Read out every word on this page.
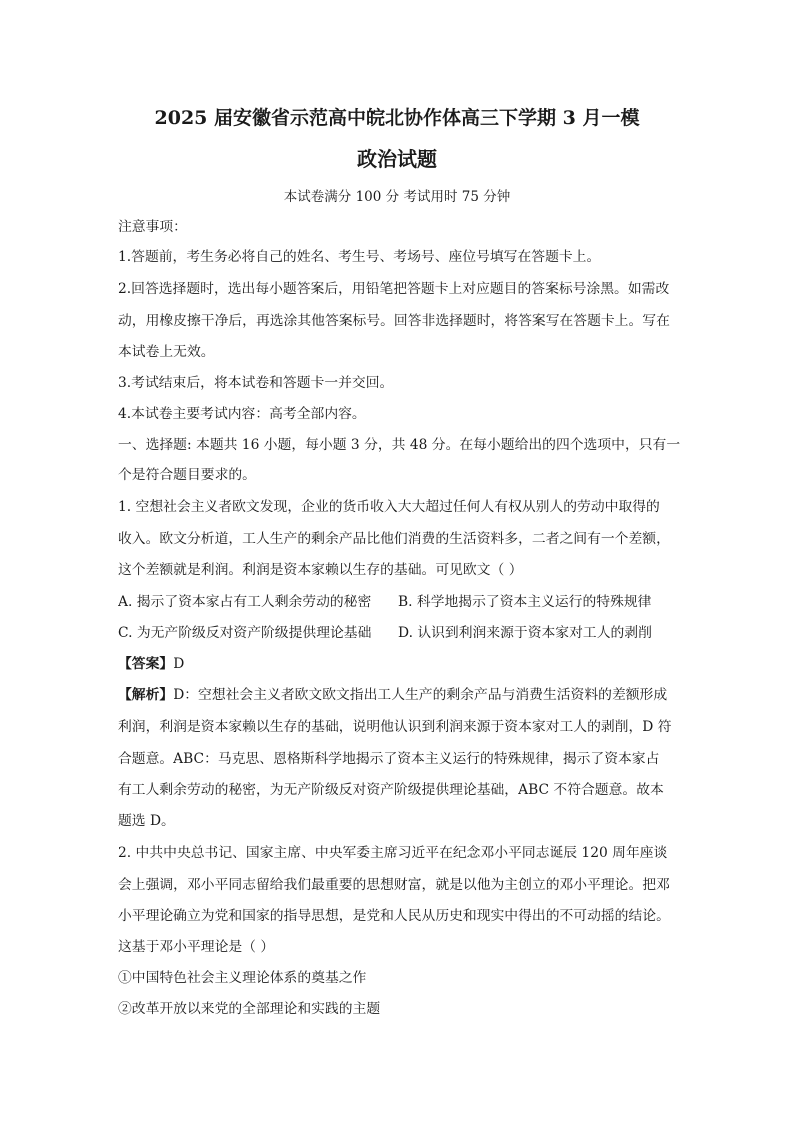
2025 届安徽省示范高中皖北协作体高三下学期 3 月一模
政治试题
本试卷满分 100 分 考试用时 75 分钟
注意事项：
1.答题前，考生务必将自己的姓名、考生号、考场号、座位号填写在答题卡上。
2.回答选择题时，选出每小题答案后，用铅笔把答题卡上对应题目的答案标号涂黑。如需改
动，用橡皮擦干净后，再选涂其他答案标号。回答非选择题时，将答案写在答题卡上。写在
本试卷上无效。
3.考试结束后，将本试卷和答题卡一并交回。
4.本试卷主要考试内容：高考全部内容。
一、选择题: 本题共 16 小题，每小题 3 分，共 48 分。在每小题给出的四个选项中，只有一
个是符合题目要求的。
1. 空想社会主义者欧文发现，企业的货币收入大大超过任何人有权从别人的劳动中取得的
收入。欧文分析道，工人生产的剩余产品比他们消费的生活资料多，二者之间有一个差额，
这个差额就是利润。利润是资本家赖以生存的基础。可见欧文（ ）
A. 揭示了资本家占有工人剩余劳动的秘密 B. 科学地揭示了资本主义运行的特殊规律
C. 为无产阶级反对资产阶级提供理论基础 D. 认识到利润来源于资本家对工人的剥削
【答案】D
【解析】D：空想社会主义者欧文欧文指出工人生产的剩余产品与消费生活资料的差额形成
利润，利润是资本家赖以生存的基础，说明他认识到利润来源于资本家对工人的剥削，D 符
合题意。ABC：马克思、恩格斯科学地揭示了资本主义运行的特殊规律，揭示了资本家占
有工人剩余劳动的秘密，为无产阶级反对资产阶级提供理论基础，ABC 不符合题意。故本
题选 D。
2. 中共中央总书记、国家主席、中央军委主席习近平在纪念邓小平同志诞辰 120 周年座谈
会上强调，邓小平同志留给我们最重要的思想财富，就是以他为主创立的邓小平理论。把邓
小平理论确立为党和国家的指导思想，是党和人民从历史和现实中得出的不可动摇的结论。
这基于邓小平理论是（ ）
①中国特色社会主义理论体系的奠基之作
②改革开放以来党的全部理论和实践的主题
